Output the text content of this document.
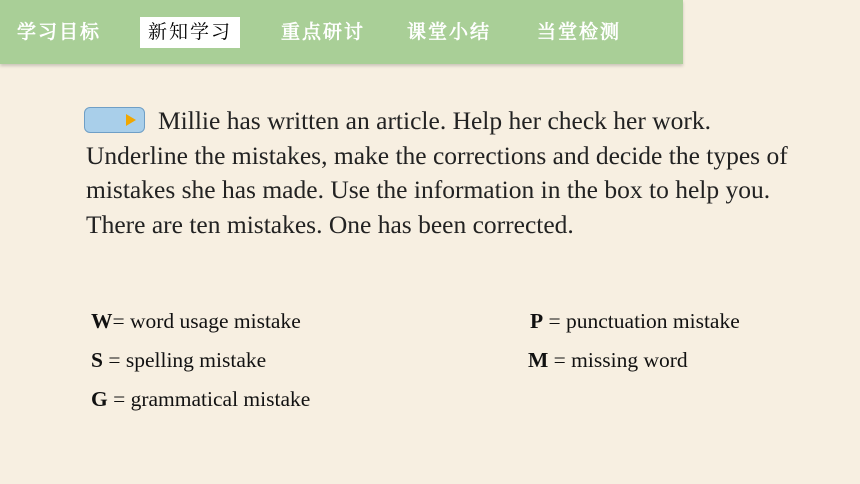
学习目标	新知学习	重点研讨 课堂小结 当堂检测

Millie has written an article. Help her check her work. Underline the mistakes, make the corrections and decide the types of mistakes she has made. Use the information in the box to help you. There are ten mistakes. One has been corrected.

W= word usage mistake	P = punctuation mistake
S = spelling mistake	M = missing word
G = grammatical mistake
